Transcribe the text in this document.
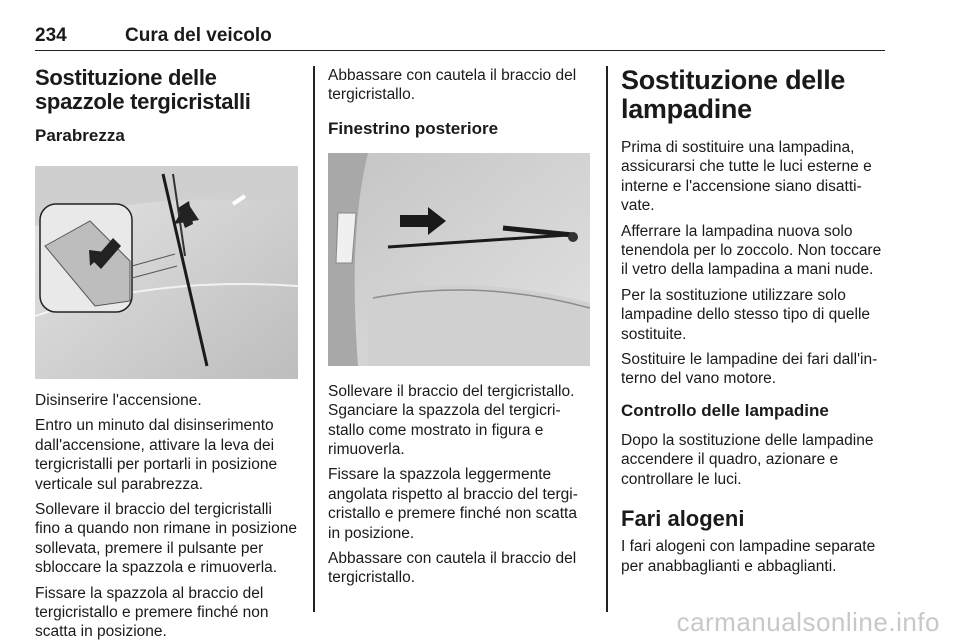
234	Cura del veicolo
Sostituzione delle spazzole tergicristalli
Parabrezza

Disinserire l'accensione.

Entro un minuto dal disinserimento dall'accensione, attivare la leva dei tergicristalli per portarli in posizione verticale sul parabrezza.

Sollevare il braccio del tergicristalli fino a quando non rimane in posizione sollevata, premere il pulsante per sbloccare la spazzola e rimuoverla.

Fissare la spazzola al braccio del tergicristallo e premere finché non scatta in posizione.

Abbassare con cautela il braccio del tergicristallo.

Finestrino posteriore

Sollevare il braccio del tergicristallo. Sganciare la spazzola del tergicri-stallo come mostrato in figura e rimuoverla.

Fissare la spazzola leggermente angolata rispetto al braccio del tergi-cristallo e premere finché non scatta in posizione.

Abbassare con cautela il braccio del tergicristallo.

Sostituzione delle lampadine

Prima di sostituire una lampadina, assicurarsi che tutte le luci esterne e interne e l'accensione siano disatti-vate.

Afferrare la lampadina nuova solo tenendola per lo zoccolo. Non toccare il vetro della lampadina a mani nude.

Per la sostituzione utilizzare solo lampadine dello stesso tipo di quelle sostituite.

Sostituire le lampadine dei fari dall'in-terno del vano motore.

Controllo delle lampadine

Dopo la sostituzione delle lampadine accendere il quadro, azionare e controllare le luci.

Fari alogeni

I fari alogeni con lampadine separate per anabbaglianti e abbaglianti.

carmanualsonline.info
